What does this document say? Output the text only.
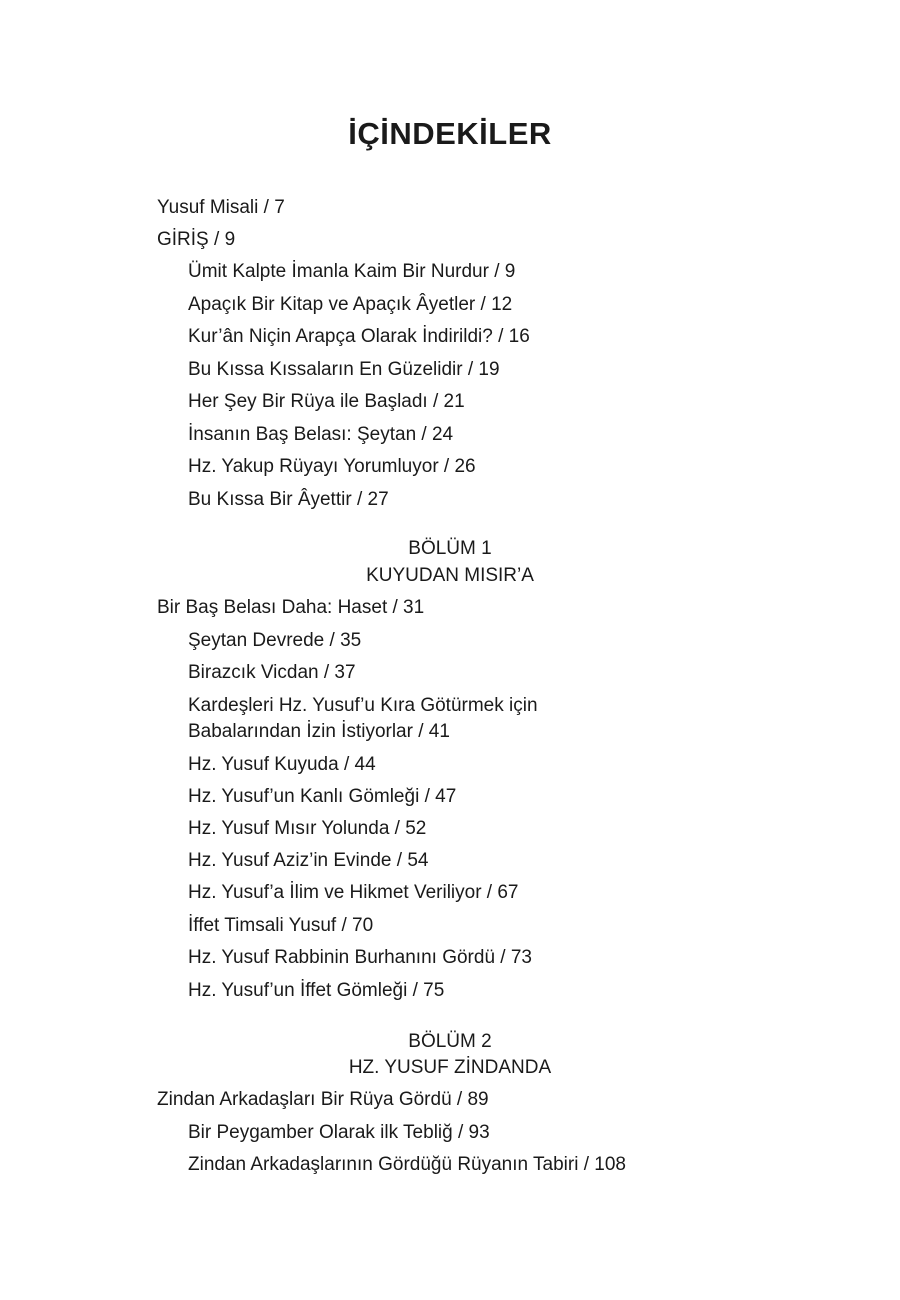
İÇİNDEKİLER
Yusuf Misali / 7
GİRİŞ / 9
Ümit Kalpte İmanla Kaim Bir Nurdur / 9
Apaçık Bir Kitap ve Apaçık Âyetler / 12
Kur’ân Niçin Arapça Olarak İndirildi? / 16
Bu Kıssa Kıssaların En Güzelidir / 19
Her Şey Bir Rüya ile Başladı / 21
İnsanın Baş Belası: Şeytan / 24
Hz. Yakup Rüyayı Yorumluyor / 26
Bu Kıssa Bir Âyettir / 27
BÖLÜM 1
KUYUDAN MISIR’A
Bir Baş Belası Daha: Haset / 31
Şeytan Devrede / 35
Birazcık Vicdan / 37
Kardeşleri Hz. Yusuf’u Kıra Götürmek için
Babalarından İzin İstiyorlar / 41
Hz. Yusuf Kuyuda / 44
Hz. Yusuf’un Kanlı Gömleği / 47
Hz. Yusuf Mısır Yolunda / 52
Hz. Yusuf Aziz’in Evinde / 54
Hz. Yusuf’a İlim ve Hikmet Veriliyor / 67
İffet Timsali Yusuf / 70
Hz. Yusuf Rabbinin Burhanını Gördü / 73
Hz. Yusuf’un İffet Gömleği / 75
BÖLÜM 2
HZ. YUSUF ZİNDANDA
Zindan Arkadaşları Bir Rüya Gördü / 89
Bir Peygamber Olarak ilk Tebliğ / 93
Zindan Arkadaşlarının Gördüğü Rüyanın Tabiri / 108
